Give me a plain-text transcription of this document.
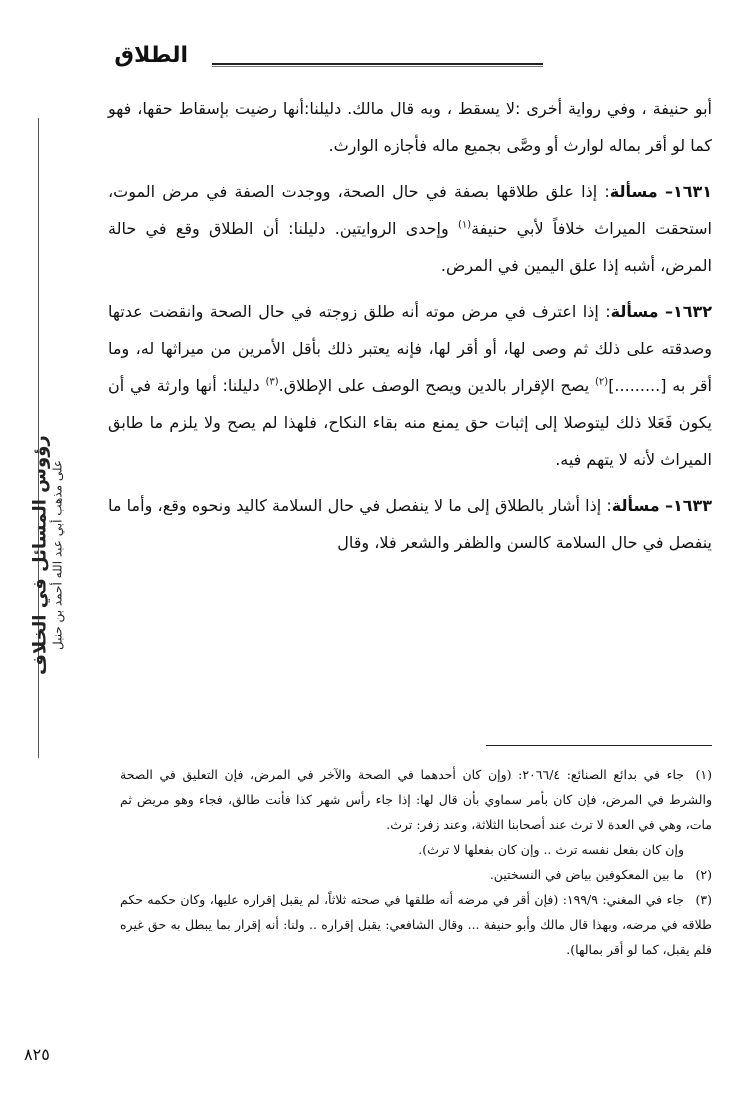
الطلاق
رؤوس المسائل في الخلاف على مذهب أبي عبد الله أحمد بن حنبل

أبو حنيفة ، وفي رواية أخرى :لا يسقط ، وبه قال مالك. دليلنا:أنها رضيت بإسقاط حقها، فهو كما لو أقر بماله لوارث أو وصَّى بجميع ماله فأجازه الوارث.

١٦٣١– مسألة: إذا علق طلاقها بصفة في حال الصحة، ووجدت الصفة في مرض الموت، استحقت الميراث خلافاً لأبي حنيفة$^{(١)}$ وإحدى الروايتين. دليلنا: أن الطلاق وقع في حالة المرض، أشبه إذا علق اليمين في المرض.

١٦٣٢– مسألة: إذا اعترف في مرض موته أنه طلق زوجته في حال الصحة وانقضت عدتها وصدقته على ذلك ثم وصى لها، أو أقر لها، فإنه يعتبر ذلك بأقل الأمرين من ميراثها له، وما أقر به [.........]$^{(٢)}$ يصح الإقرار بالدين ويصح الوصف على الإطلاق.$^{(٣)}$ دليلنا: أنها وارثة في أن يكون فَعَلا ذلك ليتوصلا إلى إثبات حق يمنع منه بقاء النكاح، فلهذا لم يصح ولا يلزم ما طابق الميراث لأنه لا يتهم فيه.

١٦٣٣– مسألة: إذا أشار بالطلاق إلى ما لا ينفصل في حال السلامة كاليد ونحوه وقع، وأما ما ينفصل في حال السلامة كالسن والظفر والشعر فلا، وقال

(١)جاء في بدائع الصنائع: ٢٠٦٦/٤: (وإن كان أحدهما في الصحة والآخر في المرض، فإن التعليق في الصحة والشرط في المرض، فإن كان بأمر سماوي بأن قال لها: إذا جاء رأس شهر كذا فأنت طالق، فجاء وهو مريض ثم مات، وهي في العدة لا ترث عند أصحابنا الثلاثة، وعند زفر: ترث.

وإن كان بفعل نفسه ترث .. وإن كان بفعلها لا ترث).

(٢)ما بين المعكوفين بياض في النسختين.

(٣)جاء في المغني: ١٩٩/٩: (فإن أقر في مرضه أنه طلقها في صحته ثلاثاً، لم يقبل إقراره عليها، وكان حكمه حكم طلاقه في مرضه، وبهذا قال مالك وأبو حنيفة ... وقال الشافعي: يقبل إقراره .. ولنا: أنه إقرار بما يبطل به حق غيره فلم يقبل، كما لو أقر بمالها).

٨٢٥
